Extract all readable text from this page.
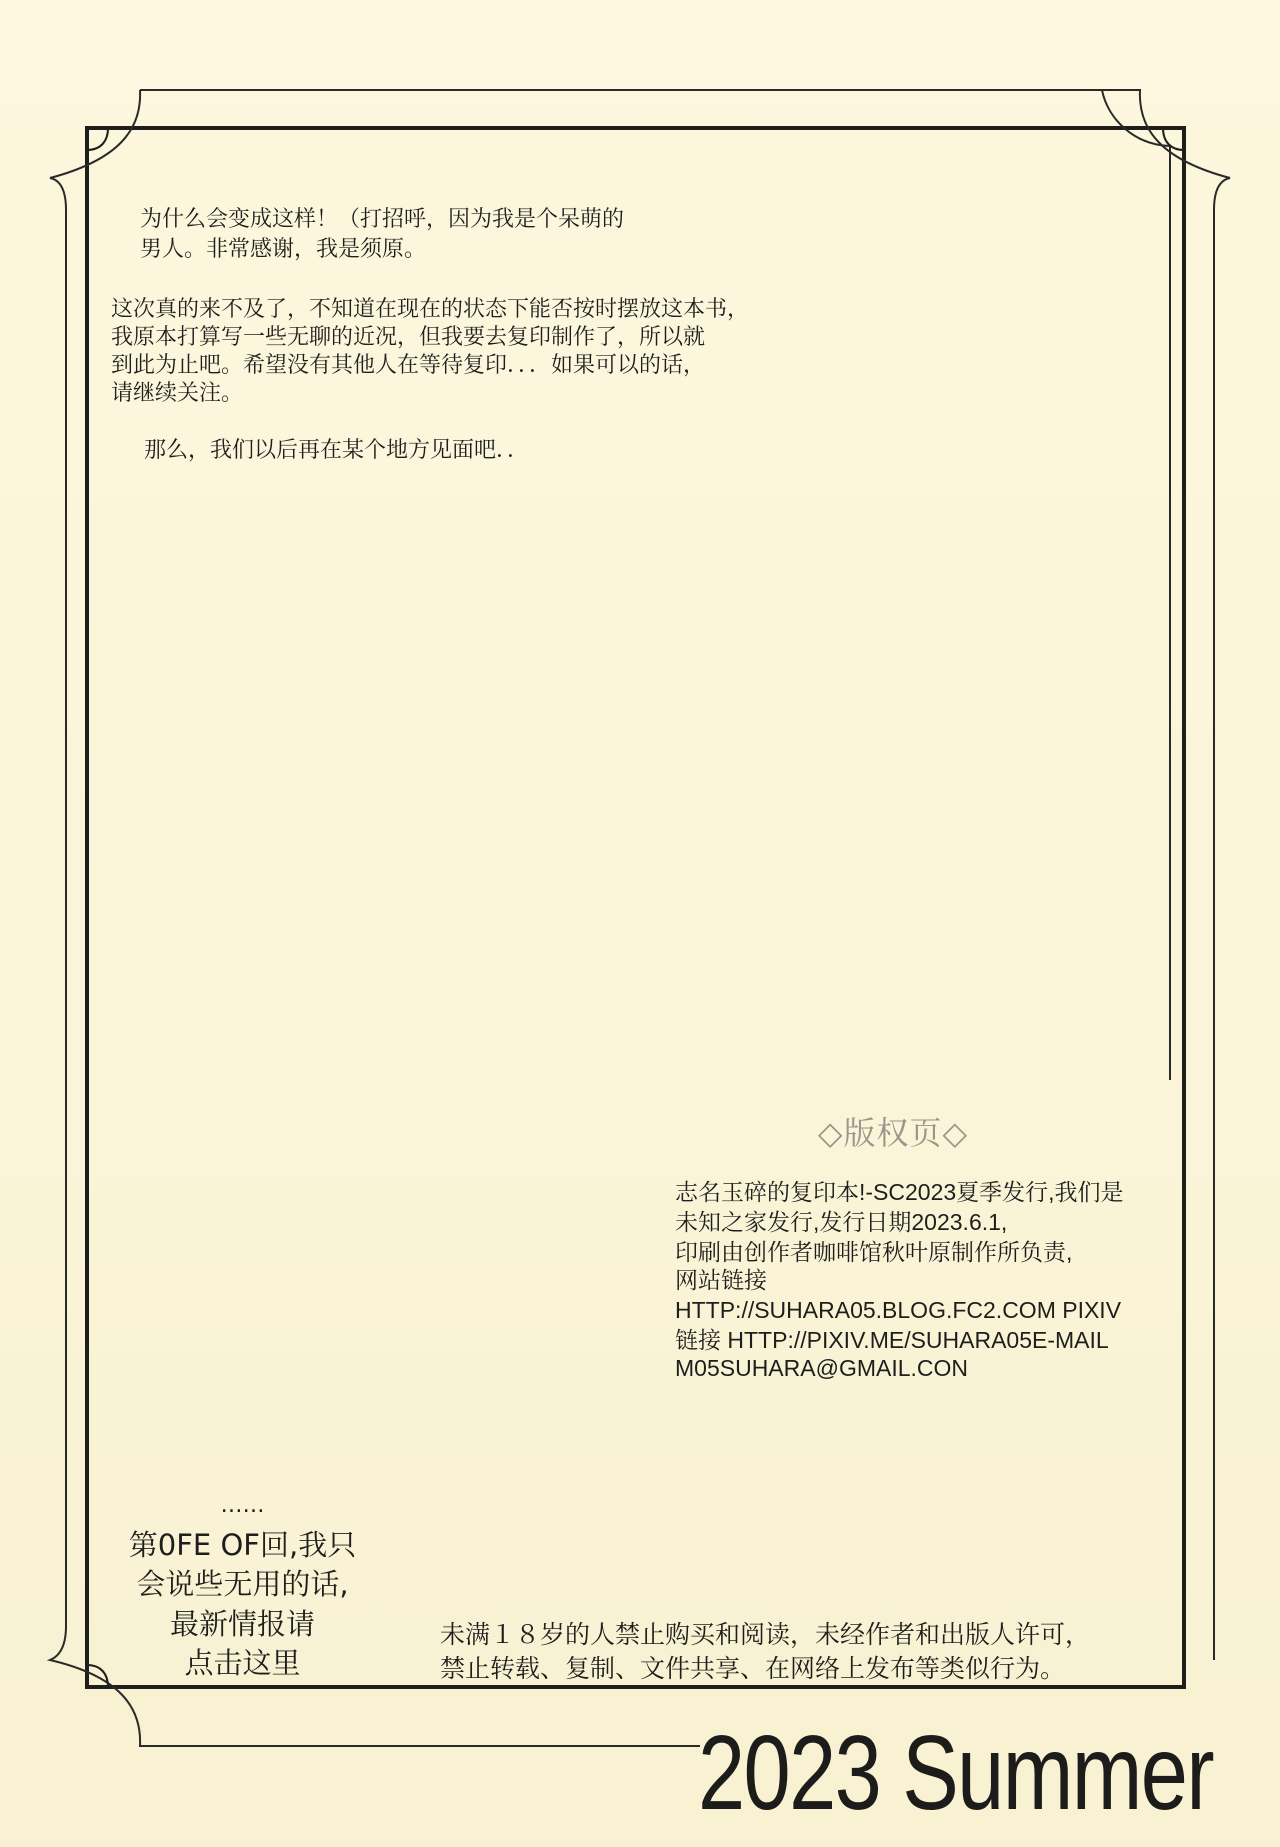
为什么会变成这样！（打招呼，因为我是个呆萌的
男人。非常感谢，我是须原。
这次真的来不及了，不知道在现在的状态下能否按时摆放这本书，
我原本打算写一些无聊的近况，但我要去复印制作了，所以就
到此为止吧。希望没有其他人在等待复印．．．如果可以的话，
请继续关注。
那么，我们以后再在某个地方见面吧．．
◇版权页◇
志名玉碎的复印本!-SC2023夏季发行,我们是
未知之家发行,发行日期2023.6.1,
印刷由创作者咖啡馆秋叶原制作所负责,
网站链接
HTTP://SUHARA05.BLOG.FC2.COM PIXIV
链接 HTTP://PIXIV.ME/SUHARA05E-MAIL
M05SUHARA@GMAIL.CON
……
第0FE OF回,我只
会说些无用的话,
最新情报请
点击这里
未满１８岁的人禁止购买和阅读，未经作者和出版人许可，
禁止转载、复制、文件共享、在网络上发布等类似行为。
2023 Summer
